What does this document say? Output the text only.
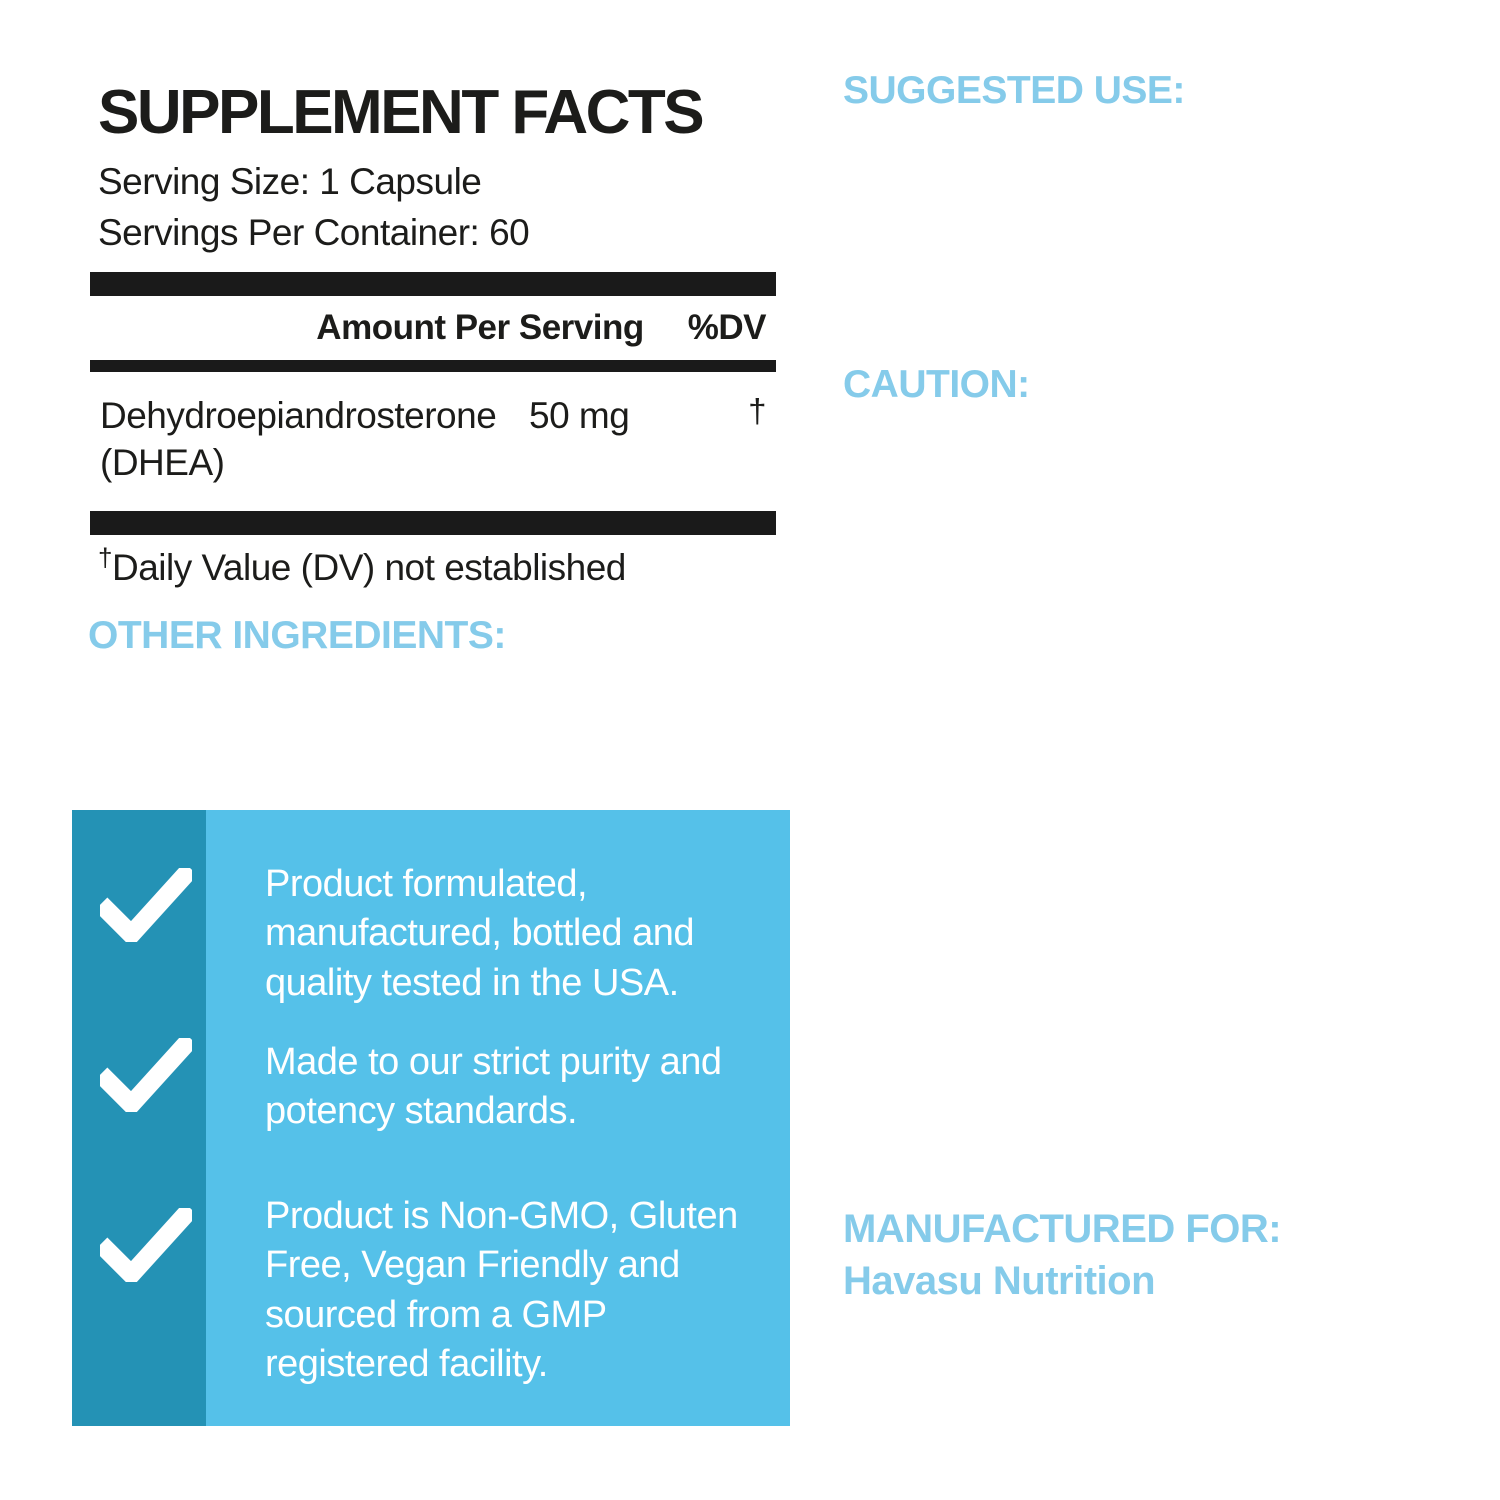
SUPPLEMENT FACTS
Serving Size: 1 Capsule
Servings Per Container: 60
Amount Per Serving %DV
Dehydroepiandrosterone
(DHEA)
50 mg	†
†Daily Value (DV) not established

OTHER INGREDIENTS: Rice Flour, Hypromellose (capsule), Magnesium Stearate.

Product formulated, manufactured, bottled and quality tested in the USA.
Made to our strict purity and potency standards.
Product is Non-GMO, Gluten Free, Vegan Friendly and sourced from a GMP registered facility.

SUGGESTED USE: Take one capsule, preferably with a meal.

This is a dietary supplement with 60 servings per container, with a serving size of 1 unflavored capsule.

CAUTION: Use only as directed. Consult your healthcare provider before use if you are contemplating pregnancy, pregnant, nursing, have any medical condition, or use any medications. Discontinue use two weeks prior to undergoing any blood work. For adult use only. Keep out of reach of children. Do not use if safety seal is damaged or missing. Store in a cool, dry place.

THESE STATEMENTS HAVE NOT BEEN EVALUATED BY THE FOOD AND DRUG ADMINISTRATION. THIS PRODUCT IS NOT INTENDED TO DIAGNOSE, TREAT, CURE, OR PREVENT ANY DISEASE.
MANUFACTURED FOR:
Havasu Nutrition
St. Petersburg, FL 33701 USA
support@havasunutrition.com
www.HavasuNutrition.com
